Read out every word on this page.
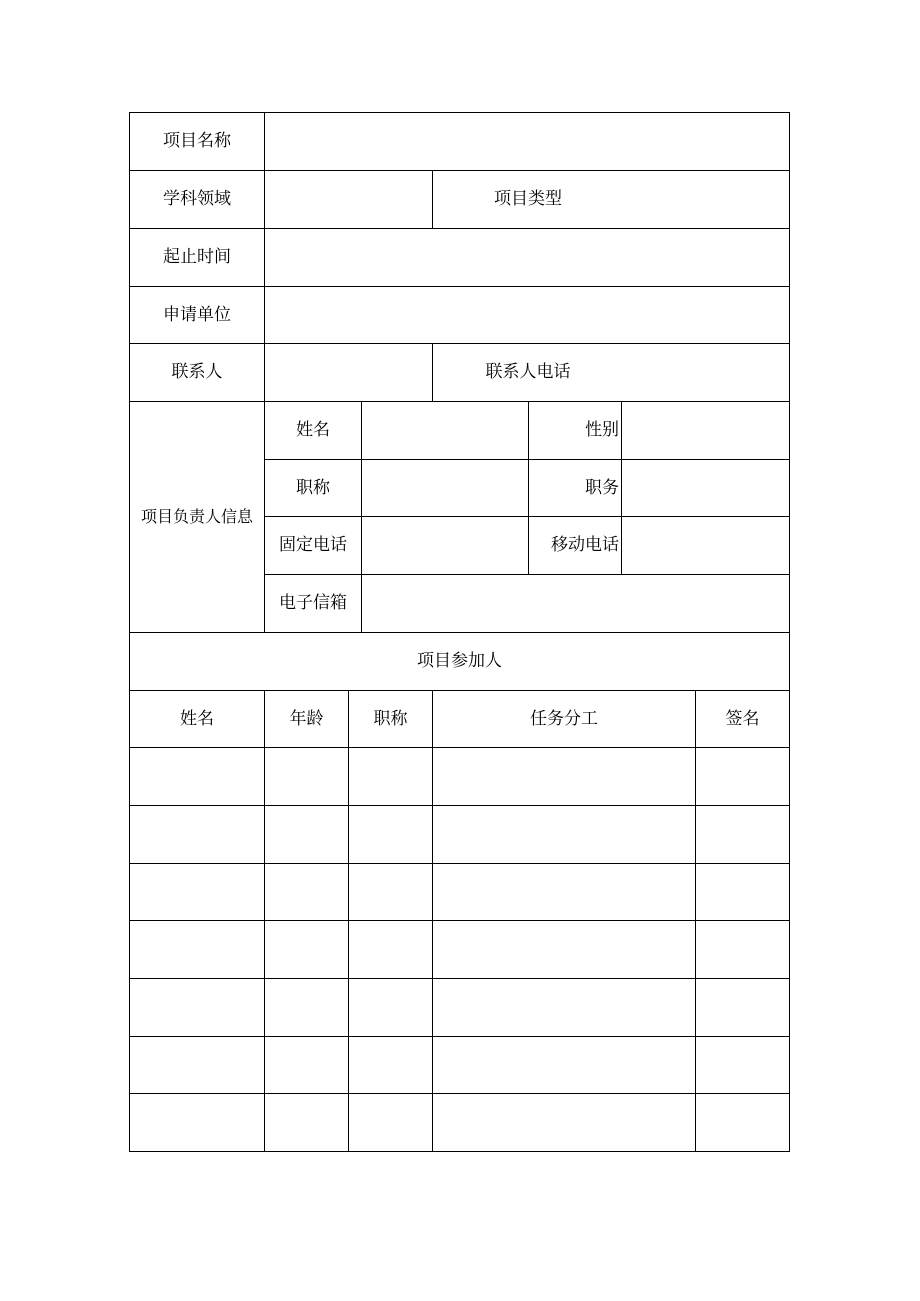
项目名称
学科领域	项目类型
起止时间
申请单位
联系人	联系人电话
项目负责人信息
姓名	性别
职称	职务
固定电话	移动电话
电子信箱
项目参加人
姓名	年龄	职称	任务分工	签名
